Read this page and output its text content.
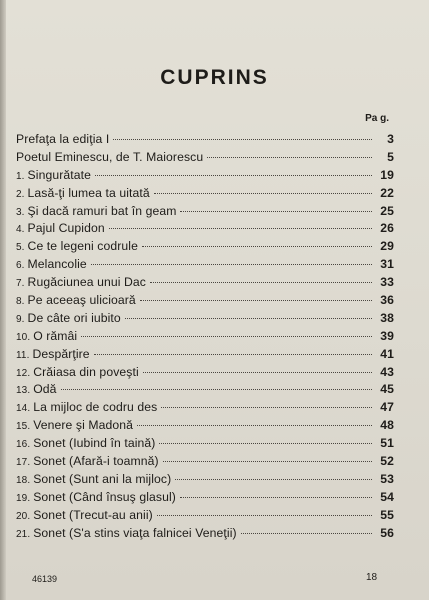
CUPRINS
Pa g.
Prefaţa la ediţia I	3
Poetul Eminescu, de T. Maiorescu	5
1. Singurătate	19
2. Lasă-ţi lumea ta uitată	22
3. Şi dacă ramuri bat în geam	25
4. Pajul Cupidon	26
5. Ce te legeni codrule	29
6. Melancolie	31
7. Rugăciunea unui Dac	33
8. Pe aceeaş ulicioară	36
9. De câte ori iubito	38
10. O rămâi	39
11. Despărţire	41
12. Crăiasa din poveşti	43
13. Odă	45
14. La mijloc de codru des	47
15. Venere şi Madonă	48
16. Sonet (Iubind în taină)	51
17. Sonet (Afară-i toamnă)	52
18. Sonet (Sunt ani la mijloc)	53
19. Sonet (Când însuş glasul)	54
20. Sonet (Trecut-au anii)	55
21. Sonet (S'a stins viaţa falnicei Veneţii)	56
46139	18
